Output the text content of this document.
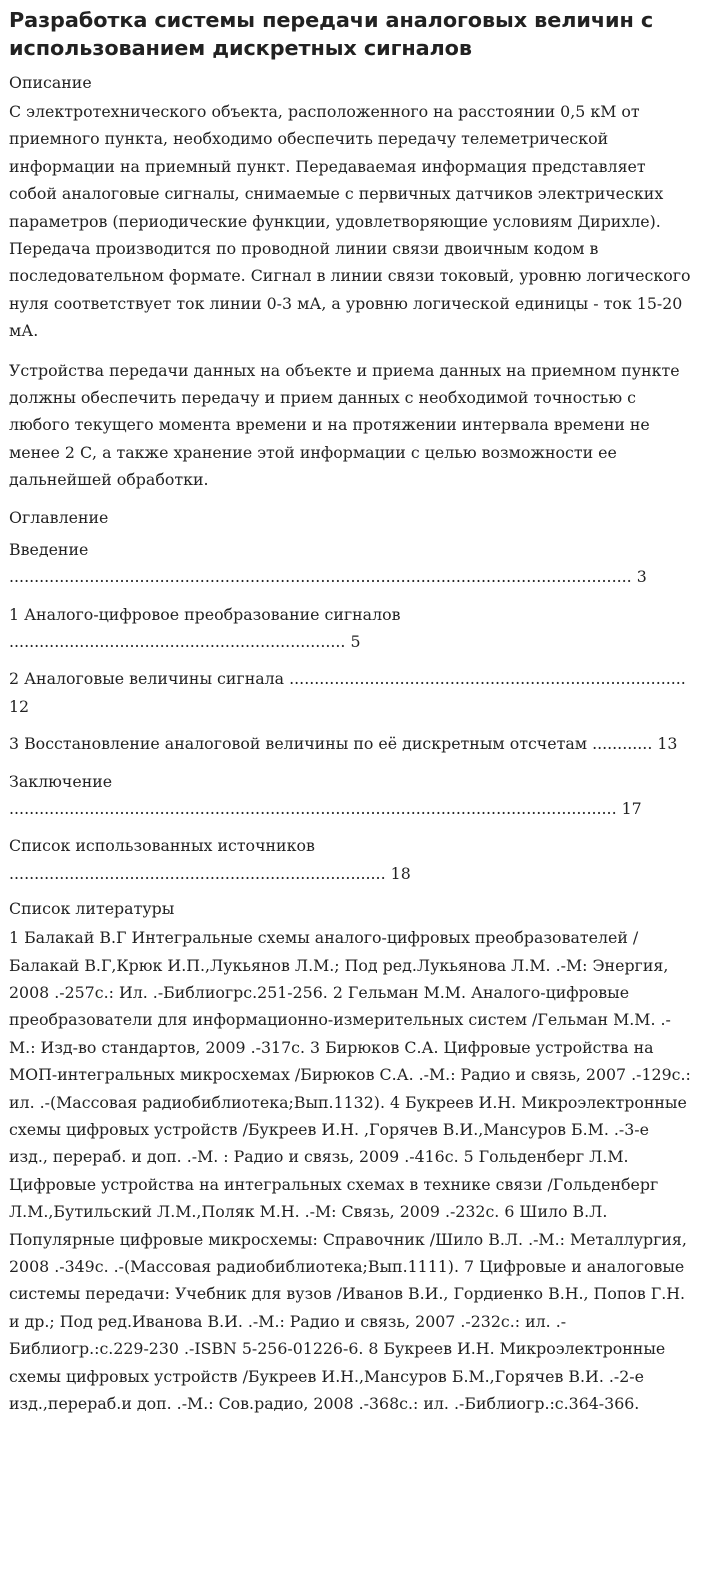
Разработка системы передачи аналоговых величин с использованием дискретных сигналов
Описание

С электротехнического объекта, расположенного на расстоянии 0,5 кМ от приемного пункта, необходимо обеспечить передачу телеметрической информации на приемный пункт. Передаваемая информация представляет собой аналоговые сигналы, снимаемые с первичных датчиков электрических параметров (периодические функции, удовлетворяющие условиям Дирихле). Передача производится по проводной линии связи двоичным кодом в последовательном формате. Сигнал в линии связи токовый, уровню логического нуля соответствует ток линии 0-3 мА, а уровню логической единицы - ток 15-20 мА.

Устройства передачи данных на объекте и приема данных на приемном пункте должны обеспечить передачу и прием данных с необходимой точностью с любого текущего момента времени и на протяжении интервала времени не менее 2 С, а также хранение этой информации с целью возможности ее дальнейшей обработки.

Оглавление
Введение ............................................................................................................................ 3
1 Аналого-цифровое преобразование сигналов ................................................................... 5
2 Аналоговые величины сигнала ............................................................................... 12
3 Восстановление аналоговой величины по её дискретным отсчетам ............ 13
Заключение ......................................................................................................................... 17
Список использованных источников ........................................................................... 18
Список литературы

1 Балакай В.Г Интегральные схемы аналого-цифровых преобразователей /Балакай В.Г,Крюк И.П.,Лукьянов Л.М.; Под ред.Лукьянова Л.М. .-М: Энергия, 2008 .-257с.: Ил. .-Библиогрс.251-256. 2 Гельман М.М. Аналого-цифровые преобразователи для информационно-измерительных систем /Гельман М.М. .-М.: Изд-во стандартов, 2009 .-317с. 3 Бирюков С.А. Цифровые устройства на МОП-интегральных микросхемах /Бирюков С.А. .-М.: Радио и связь, 2007 .-129с.: ил. .-(Массовая радиобиблиотека;Вып.1132). 4 Букреев И.Н. Микроэлектронные схемы цифровых устройств /Букреев И.Н. ,Горячев В.И.,Мансуров Б.М. .-3-е изд., перераб. и доп. .-М. : Радио и связь, 2009 .-416с. 5 Гольденберг Л.М. Цифровые устройства на интегральных схемах в технике связи /Гольденберг Л.М.,Бутильский Л.М.,Поляк М.Н. .-М: Связь, 2009 .-232с. 6 Шило В.Л. Популярные цифровые микросхемы: Справочник /Шило В.Л. .-М.: Металлургия, 2008 .-349с. .-(Массовая радиобиблиотека;Вып.1111). 7 Цифровые и аналоговые системы передачи: Учебник для вузов /Иванов В.И., Гордиенко В.Н., Попов Г.Н. и др.; Под ред.Иванова В.И. .-М.: Радио и связь, 2007 .-232с.: ил. .-Библиогр.:с.229-230 .-ISBN 5-256-01226-6. 8 Букреев И.Н. Микроэлектронные схемы цифровых устройств /Букреев И.Н.,Мансуров Б.М.,Горячев В.И. .-2-е изд.,перераб.и доп. .-М.: Сов.радио, 2008 .-368с.: ил. .-Библиогр.:с.364-366.
